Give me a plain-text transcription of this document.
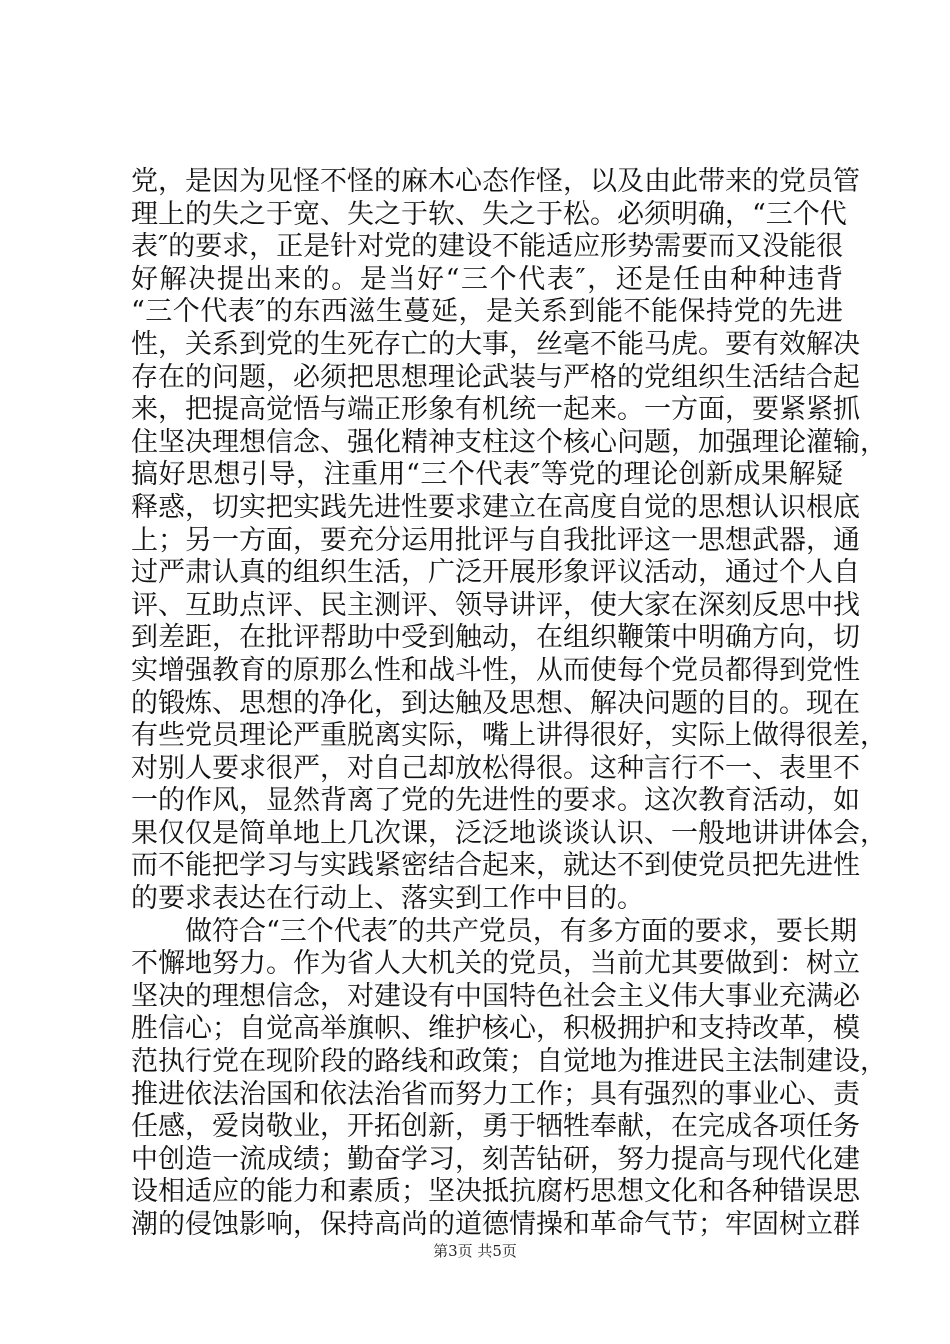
党，是因为见怪不怪的麻木心态作怪，以及由此带来的党员管
理上的失之于宽、失之于软、失之于松。必须明确，“三个代
表″的要求，正是针对党的建设不能适应形势需要而又没能很
好解决提出来的。是当好“三个代表″，还是任由种种违背
“三个代表″的东西滋生蔓延，是关系到能不能保持党的先进
性，关系到党的生死存亡的大事，丝毫不能马虎。要有效解决
存在的问题，必须把思想理论武装与严格的党组织生活结合起
来，把提高觉悟与端正形象有机统一起来。一方面，要紧紧抓
住坚决理想信念、强化精神支柱这个核心问题，加强理论灌输，
搞好思想引导，注重用“三个代表″等党的理论创新成果解疑
释惑，切实把实践先进性要求建立在高度自觉的思想认识根底
上；另一方面，要充分运用批评与自我批评这一思想武器，通
过严肃认真的组织生活，广泛开展形象评议活动，通过个人自
评、互助点评、民主测评、领导讲评，使大家在深刻反思中找
到差距，在批评帮助中受到触动，在组织鞭策中明确方向，切
实增强教育的原那么性和战斗性，从而使每个党员都得到党性
的锻炼、思想的净化，到达触及思想、解决问题的目的。现在
有些党员理论严重脱离实际，嘴上讲得很好，实际上做得很差，
对别人要求很严，对自己却放松得很。这种言行不一、表里不
一的作风，显然背离了党的先进性的要求。这次教育活动，如
果仅仅是简单地上几次课，泛泛地谈谈认识、一般地讲讲体会，
而不能把学习与实践紧密结合起来，就达不到使党员把先进性
的要求表达在行动上、落实到工作中目的。
做符合“三个代表″的共产党员，有多方面的要求，要长期
不懈地努力。作为省人大机关的党员，当前尤其要做到：树立
坚决的理想信念，对建设有中国特色社会主义伟大事业充满必
胜信心；自觉高举旗帜、维护核心，积极拥护和支持改革，模
范执行党在现阶段的路线和政策；自觉地为推进民主法制建设，
推进依法治国和依法治省而努力工作；具有强烈的事业心、责
任感，爱岗敬业，开拓创新，勇于牺牲奉献，在完成各项任务
中创造一流成绩；勤奋学习，刻苦钻研，努力提高与现代化建
设相适应的能力和素质；坚决抵抗腐朽思想文化和各种错误思
潮的侵蚀影响，保持高尚的道德情操和革命气节；牢固树立群
第3页 共5页
